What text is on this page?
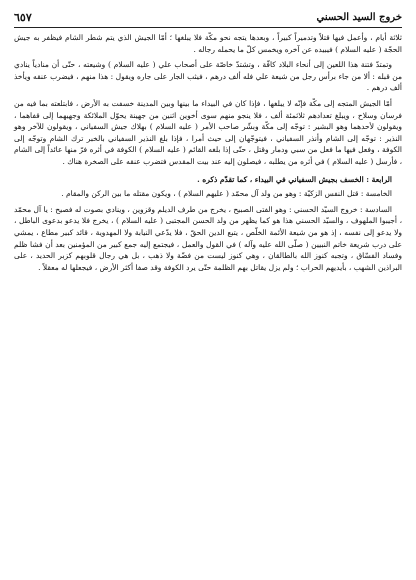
خروج السيد الحسني
٦٥٧

ثلاثة أيام ، وأعمل فيها قتلاً وتدميراً كبيراً ، وبعدها يتجه نحو مكّة فلا يبلغها ؛ أمّا الجيش الذي يتم شطر الشام فيظفر به جيش الحجّة ( عليه السلام ) فيبيده عن آخره ويخمس كلّ ما يحمله رجاله .

وتمتدّ فتنة هذا اللعين إلى أنحاء البلاد كافّة ، وتشتدّ خاصّة على أصحاب علي ( عليه السلام ) وشيعته ، حتّى أن منادياً ينادي من قبله : ألا من جاء برأس رجل من شيعة علي فله ألف درهم ، فيثب الجار على جاره ويقول : هذا منهم ، فيضرب عنقه ويأخذ ألف درهم .

أمّا الجيش المتجه إلى مكّة فإنّه لا يبلغها ، فإذا كان في البيداء ما بينها وبين المدينة خسفت به الأرض ، فابتلعته بما فيه من فرسان وسلاح ، ويبلغ تعدادهم ثلاثمئة ألف ، فلا ينجو منهم سوى أخوين اثنين من جهينة يحوّل الملائكة وجهيهما إلى قفاهما ، ويقولون لأحدهما وهو البشير : توجّه إلى مكّة وبشّر صاحب الأمر ( عليه السلام ) بهلاك جيش السفياني ، ويقولون للآخر وهو النذير : توجّه إلى الشام وأنذر السفياني ، فيتوجّهان إلى حيث أمرا ، فإذا بلغ النذير السفياني بالخبر ترك الشام وتوجّه إلى الكوفة ، وفعل فيها ما فعل من سبي ودمار وقتل ، حتّى إذا بلغه القائم ( عليه السلام ) الكوفة في أثره فرّ منها عائداً إلى الشام ، فأرسل ( عليه السلام ) في أثره من يطلبه ، فيصلون إليه عند بيت المقدس فتضرب عنقه على الصخرة هناك .

الرابعة : الخسف بجيش السفياني في البيداء ، كما تقدّم ذكره .

الخامسة : قتل النفس الزكيّة : وهو من ولد آل محمّد ( عليهم السلام ) ، ويكون مقتله ما بين الركن والمقام .

السادسة : خروج السيّد الحسني : وهو الفتى الصبيح ، يخرج من طرف الديلم وقزوين ، وينادي بصوت له فصيح : يا آل محمّد ، أجيبوا الملهوف ، والسيّد الحسني هذا هو كما يظهر من ولد الحسن المجتبى ( عليه السلام ) ، يخرج فلا يدعو بدعوى الباطل ، ولا يدعو إلى نفسه ، إذ هو من شيعة الأئمة الخلّص ، يتبع الدين الحقّ ، فلا يدّعي النيابة ولا المهدوية ، قائد كبير مطاع ، يمشي على درب شريعة خاتم النبيين ( صلّى الله عليه وآله ) في القول والعمل ، فيجتمع إليه جمع كبير من المؤمنين بعد أن فشا ظلم وفساد الفسّاق ، وتجبه كنوز الله بالطالقان ، وهي كنوز ليست من فضّة ولا ذهب ، بل هي رجال قلوبهم كزبر الحديد ، على البراذين الشهب ، بأيديهم الحراب ؛ ولم يزل يقاتل بهم الظلمة حتّى يرد الكوفة وقد صفا أكثر الأرض ، فيجعلها له معقلاً .
